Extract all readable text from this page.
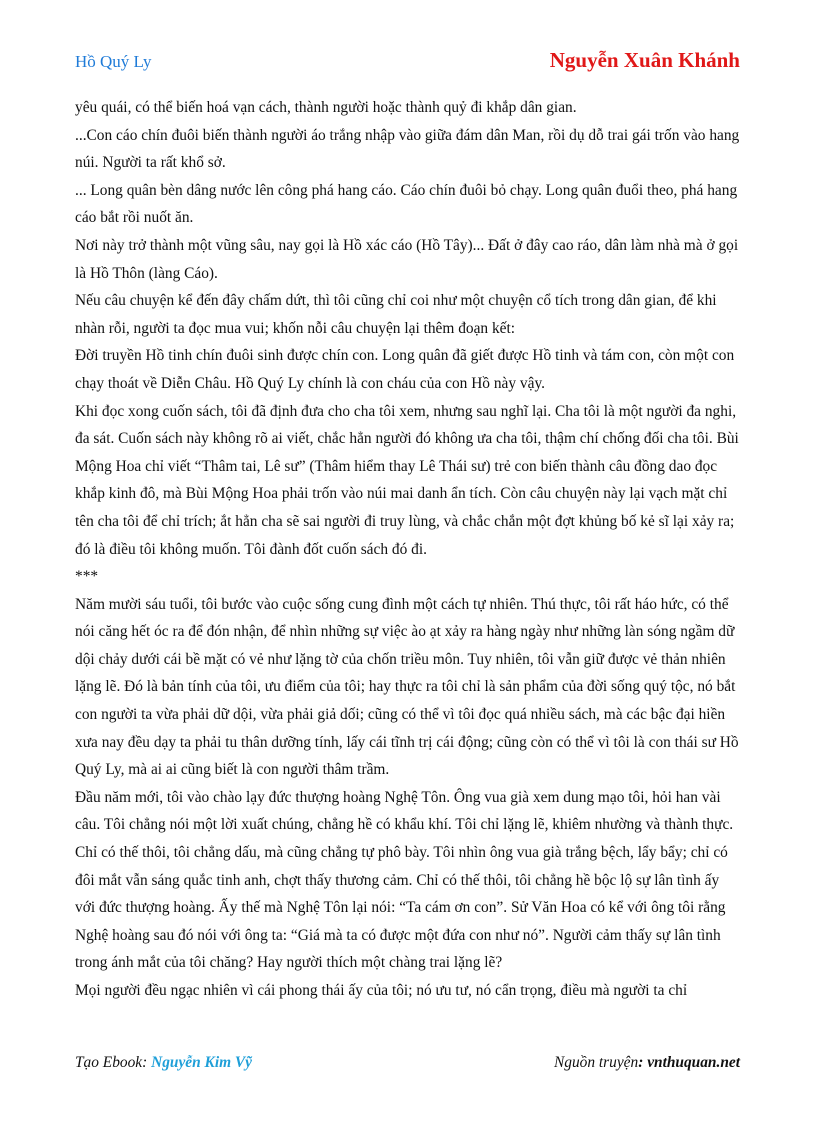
Hồ Quý Ly	Nguyễn Xuân Khánh

yêu quái, có thể biến hoá vạn cách, thành người hoặc thành quỷ đi khắp dân gian.

...Con cáo chín đuôi biến thành người áo trắng nhập vào giữa đám dân Man, rồi dụ dỗ trai gái trốn vào hang núi. Người ta rất khổ sở.

... Long quân bèn dâng nước lên công phá hang cáo. Cáo chín đuôi bỏ chạy. Long quân đuổi theo, phá hang cáo bắt rồi nuốt ăn.

Nơi này trở thành một vũng sâu, nay gọi là Hồ xác cáo (Hồ Tây)... Đất ở đây cao ráo, dân làm nhà mà ở gọi là Hồ Thôn (làng Cáo).

Nếu câu chuyện kể đến đây chấm dứt, thì tôi cũng chỉ coi như một chuyện cổ tích trong dân gian, để khi nhàn rỗi, người ta đọc mua vui; khốn nỗi câu chuyện lại thêm đoạn kết:

Đời truyền Hồ tinh chín đuôi sinh được chín con. Long quân đã giết được Hồ tinh và tám con, còn một con chạy thoát về Diễn Châu. Hồ Quý Ly chính là con cháu của con Hồ này vậy.

Khi đọc xong cuốn sách, tôi đã định đưa cho cha tôi xem, nhưng sau nghĩ lại. Cha tôi là một người đa nghi, đa sát. Cuốn sách này không rõ ai viết, chắc hẳn người đó không ưa cha tôi, thậm chí chống đối cha tôi. Bùi Mộng Hoa chỉ viết “Thâm tai, Lê sư” (Thâm hiểm thay Lê Thái sư) trẻ con biến thành câu đồng dao đọc khắp kinh đô, mà Bùi Mộng Hoa phải trốn vào núi mai danh ẩn tích. Còn câu chuyện này lại vạch mặt chỉ tên cha tôi để chỉ trích; ắt hẳn cha sẽ sai người đi truy lùng, và chắc chắn một đợt khủng bố kẻ sĩ lại xảy ra; đó là điều tôi không muốn. Tôi đành đốt cuốn sách đó đi.

***

Năm mười sáu tuổi, tôi bước vào cuộc sống cung đình một cách tự nhiên. Thú thực, tôi rất háo hức, có thể nói căng hết óc ra để đón nhận, để nhìn những sự việc ào ạt xảy ra hàng ngày như những làn sóng ngầm dữ dội chảy dưới cái bề mặt có vẻ như lặng tờ của chốn triều môn. Tuy nhiên, tôi vẫn giữ được vẻ thản nhiên lặng lẽ. Đó là bản tính của tôi, ưu điểm của tôi; hay thực ra tôi chỉ là sản phẩm của đời sống quý tộc, nó bắt con người ta vừa phải dữ dội, vừa phải giả dối; cũng có thể vì tôi đọc quá nhiều sách, mà các bậc đại hiền xưa nay đều dạy ta phải tu thân dưỡng tính, lấy cái tĩnh trị cái động; cũng còn có thể vì tôi là con thái sư Hồ Quý Ly, mà ai ai cũng biết là con người thâm trầm.

Đầu năm mới, tôi vào chào lạy đức thượng hoàng Nghệ Tôn. Ông vua già xem dung mạo tôi, hỏi han vài câu. Tôi chẳng nói một lời xuất chúng, chẳng hề có khẩu khí. Tôi chỉ lặng lẽ, khiêm nhường và thành thực. Chỉ có thế thôi, tôi chẳng dấu, mà cũng chẳng tự phô bày. Tôi nhìn ông vua già trắng bệch, lẩy bẩy; chỉ có đôi mắt vẫn sáng quắc tinh anh, chợt thấy thương cảm. Chỉ có thế thôi, tôi chẳng hề bộc lộ sự lân tình ấy với đức thượng hoàng. Ấy thế mà Nghệ Tôn lại nói: “Ta cám ơn con”. Sử Văn Hoa có kể với ông tôi rằng Nghệ hoàng sau đó nói với ông ta: “Giá mà ta có được một đứa con như nó”. Người cảm thấy sự lân tình trong ánh mắt của tôi chăng? Hay người thích một chàng trai lặng lẽ?

Mọi người đều ngạc nhiên vì cái phong thái ấy của tôi; nó ưu tư, nó cẩn trọng, điều mà người ta chỉ

Tạo Ebook: Nguyễn Kim Vỹ	Nguồn truyện: vnthuquan.net
